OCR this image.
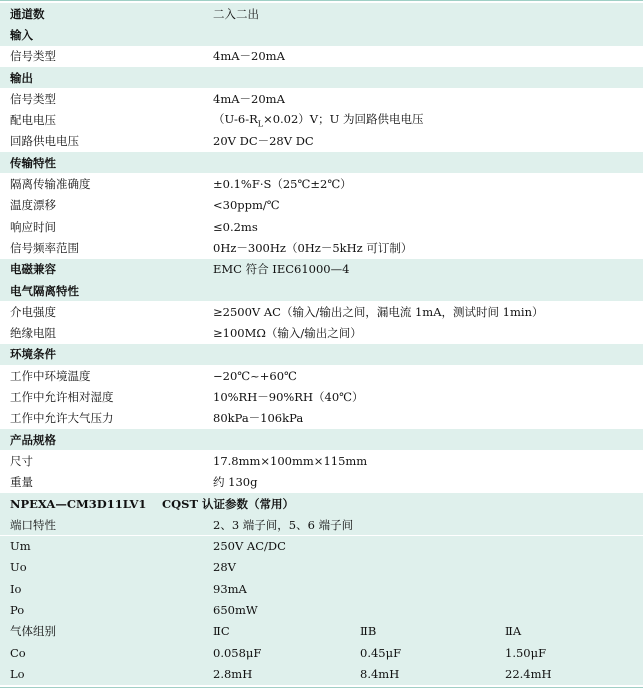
通道数	二入二出
输入
信号类型	4mA－20mA
输出
信号类型	4mA－20mA
配电电压	$(U-6-R_L\times 0.02)V$；U 为回路供电电压
回路供电电压	20V DC－28V DC
传输特性
隔离传输准确度	±0.1%F·S（25℃±2℃）
温度漂移	<30ppm/℃
响应时间	≤0.2ms
信号频率范围	0Hz－300Hz（0Hz－5kHz 可订制）
电磁兼容	EMC 符合 IEC61000—4
电气隔离特性
介电强度	≥2500V AC（输入/输出之间，漏电流 1mA，测试时间 1min）
绝缘电阻	≥100MΩ（输入/输出之间）
环境条件
工作中环境温度	−20℃~+60℃
工作中允许相对湿度	10%RH－90%RH（40℃）
工作中允许大气压力	80kPa－106kPa
产品规格
尺寸	17.8mm×100mm×115mm
重量	约 130g
NPEXA—CM3D11LV1 CQST 认证参数（常用）
端口特性	2、3 端子间，5、6 端子间
Um	250V AC/DC
Uo	28V
Io	93mA
Po	650mW
气体组别	ⅡC	ⅡB	ⅡA
Co	0.058μF	0.45μF	1.50μF
Lo	2.8mH	8.4mH	22.4mH
